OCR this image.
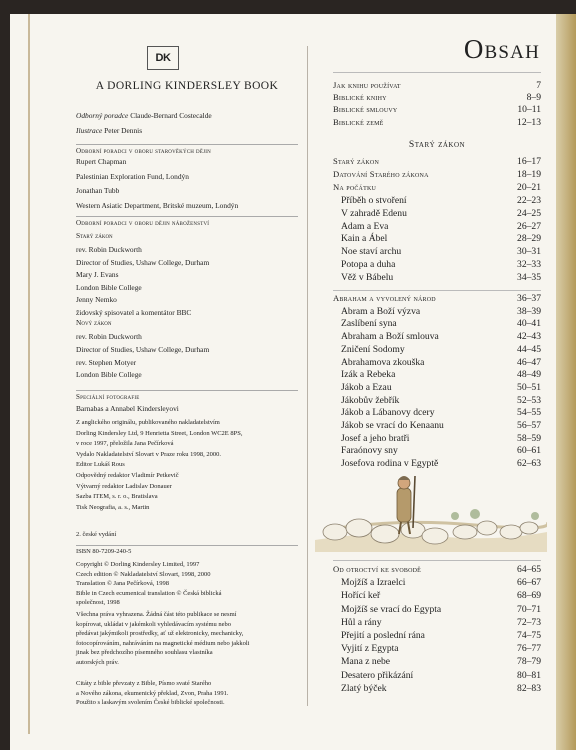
DK
A DORLING KINDERSLEY BOOK
Odborný poradce Claude-Bernard Costecalde
Ilustrace Peter Dennis
Odborní poradci v oboru starověkých dějin
Rupert Chapman
Palestinian Exploration Fund, Londýn
Jonathan Tubb
Western Asiatic Department, Britské muzeum, Londýn
Odborní poradci v oboru dějin náboženství
Starý zákon
rev. Robin Duckworth
Director of Studies, Ushaw College, Durham
Mary J. Evans
London Bible College
Jenny Nemko
židovský spisovatel a komentátor BBC
Nový zákon
rev. Robin Duckworth
Director of Studies, Ushaw College, Durham
rev. Stephen Motyer
London Bible College
Speciální fotografie
Barnabas a Annabel Kindersleyovi
Z anglického originálu, publikovaného nakladatelstvím
Dorling Kindersley Ltd, 9 Henrietta Street, London WC2E 8PS,
v roce 1997, přeložila Jana Pečírková
Vydalo Nakladatelství Slovart v Praze roku 1998, 2000.
Editor Lukáš Rous
Odpovědný redaktor Vladimír Petkevič
Výtvarný redaktor Ladislav Donauer
Sazba ITEM, s. r. o., Bratislava
Tisk Neografia, a. s., Martin
2. české vydání
ISBN 80-7209-240-5
Copyright © Dorling Kindersley Limited, 1997
Czech edition © Nakladatelství Slovart, 1998, 2000
Translation © Jana Pečírková, 1998
Bible in Czech ecumenical translation © Česká biblická
společnost, 1998
Všechna práva vyhrazena. Žádná část této publikace se nesmí
kopírovat, ukládat v jakémkoli vyhledávacím systému nebo
předávat jakýmikoli prostředky, ať už elektronicky, mechanicky,
fotocopírováním, nahráváním na magnetické médium nebo jakkoli
jinak bez předchozího písemného souhlasu vlastníka
autorských práv.
Citáty z bible převzaty z Bible, Písmo svaté Starého
a Nového zákona, ekumenický překlad, Zvon, Praha 1991.
Použito s laskavým svolením České biblické společnosti.
Obsah
Jak knihu používat	7
Biblické knihy	8–9
Biblické smlouvy	10–11
Biblické země	12–13
Starý zákon
Starý zákon	16–17
Datování Starého zákona	18–19
Na počátku	20–21
Příběh o stvoření	22–23
V zahradě Edenu	24–25
Adam a Eva	26–27
Kain a Ábel	28–29
Noe staví archu	30–31
Potopa a duha	32–33
Věž v Bábelu	34–35
Abraham a vyvolený národ	36–37
Abram a Boží výzva	38–39
Zaslíbení syna	40–41
Abraham a Boží smlouva	42–43
Zničení Sodomy	44–45
Abrahamova zkouška	46–47
Izák a Rebeka	48–49
Jákob a Ezau	50–51
Jákobův žebřík	52–53
Jákob a Lábanovy dcery	54–55
Jákob se vrací do Kenaanu	56–57
Josef a jeho bratři	58–59
Faraónovy sny	60–61
Josefova rodina v Egyptě	62–63
Od otroctví ke svobodě	64–65
Mojžíš a Izraelci	66–67
Hořící keř	68–69
Mojžíš se vrací do Egypta	70–71
Hůl a rány	72–73
Přejití a poslední rána	74–75
Vyjití z Egypta	76–77
Mana z nebe	78–79
Desatero přikázání	80–81
Zlatý býček	82–83
